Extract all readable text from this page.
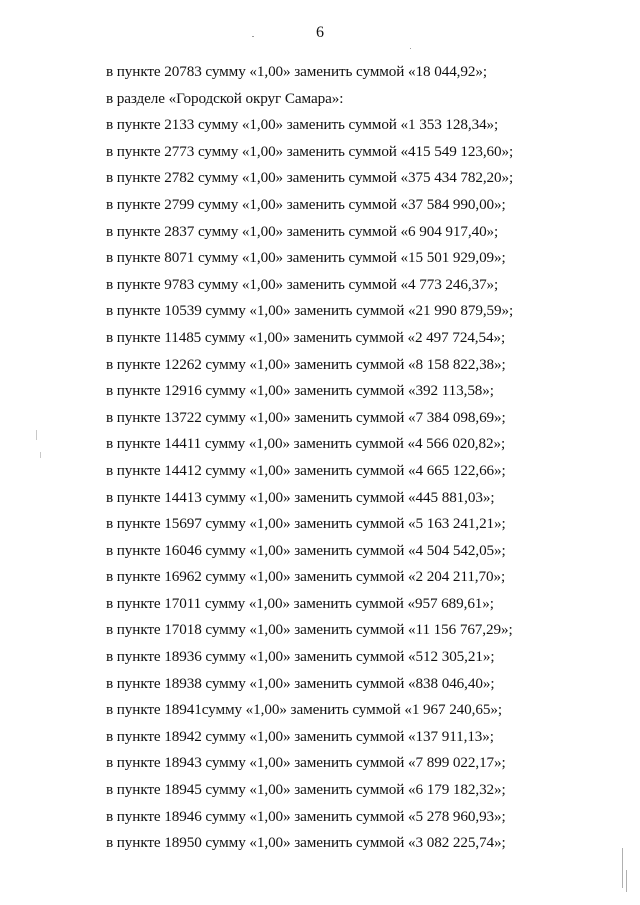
6
в пункте 20783 сумму «1,00» заменить суммой «18 044,92»;
в разделе «Городской округ Самара»:
в пункте 2133 сумму «1,00» заменить суммой «1 353 128,34»;
в пункте 2773 сумму «1,00» заменить суммой «415 549 123,60»;
в пункте 2782 сумму «1,00» заменить суммой «375 434 782,20»;
в пункте 2799 сумму «1,00» заменить суммой «37 584 990,00»;
в пункте 2837 сумму «1,00» заменить суммой «6 904 917,40»;
в пункте 8071 сумму «1,00» заменить суммой «15 501 929,09»;
в пункте 9783 сумму «1,00» заменить суммой «4 773 246,37»;
в пункте 10539 сумму «1,00» заменить суммой «21 990 879,59»;
в пункте 11485 сумму «1,00» заменить суммой «2 497 724,54»;
в пункте 12262 сумму «1,00» заменить суммой «8 158 822,38»;
в пункте 12916 сумму «1,00» заменить суммой «392 113,58»;
в пункте 13722 сумму «1,00» заменить суммой «7 384 098,69»;
в пункте 14411 сумму «1,00» заменить суммой «4 566 020,82»;
в пункте 14412 сумму «1,00» заменить суммой «4 665 122,66»;
в пункте 14413 сумму «1,00» заменить суммой «445 881,03»;
в пункте 15697 сумму «1,00» заменить суммой «5 163 241,21»;
в пункте 16046 сумму «1,00» заменить суммой «4 504 542,05»;
в пункте 16962 сумму «1,00» заменить суммой «2 204 211,70»;
в пункте 17011 сумму «1,00» заменить суммой «957 689,61»;
в пункте 17018 сумму «1,00» заменить суммой «11 156 767,29»;
в пункте 18936 сумму «1,00» заменить суммой «512 305,21»;
в пункте 18938 сумму «1,00» заменить суммой «838 046,40»;
в пункте 18941сумму «1,00» заменить суммой «1 967 240,65»;
в пункте 18942 сумму «1,00» заменить суммой «137 911,13»;
в пункте 18943 сумму «1,00» заменить суммой «7 899 022,17»;
в пункте 18945 сумму «1,00» заменить суммой «6 179 182,32»;
в пункте 18946 сумму «1,00» заменить суммой «5 278 960,93»;
в пункте 18950 сумму «1,00» заменить суммой «3 082 225,74»;
